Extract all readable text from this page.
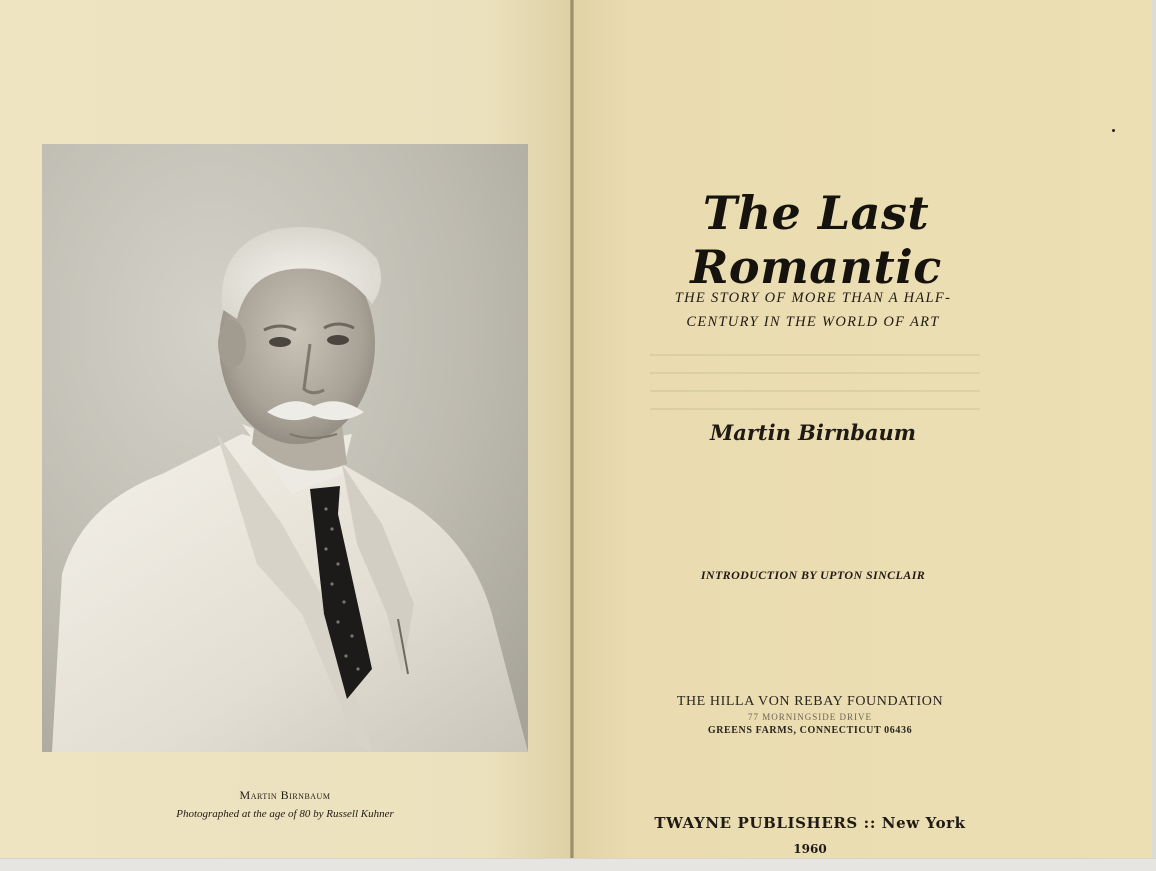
Martin Birnbaum
Photographed at the age of 80 by Russell Kuhner
The Last Romantic
THE STORY OF MORE THAN A HALF-
CENTURY IN THE WORLD OF ART
Martin Birnbaum
INTRODUCTION BY UPTON SINCLAIR
THE HILLA VON REBAY FOUNDATION
77 MORNINGSIDE DRIVE
GREENS FARMS, CONNECTICUT 06436
TWAYNE PUBLISHERS :: New York
1960
